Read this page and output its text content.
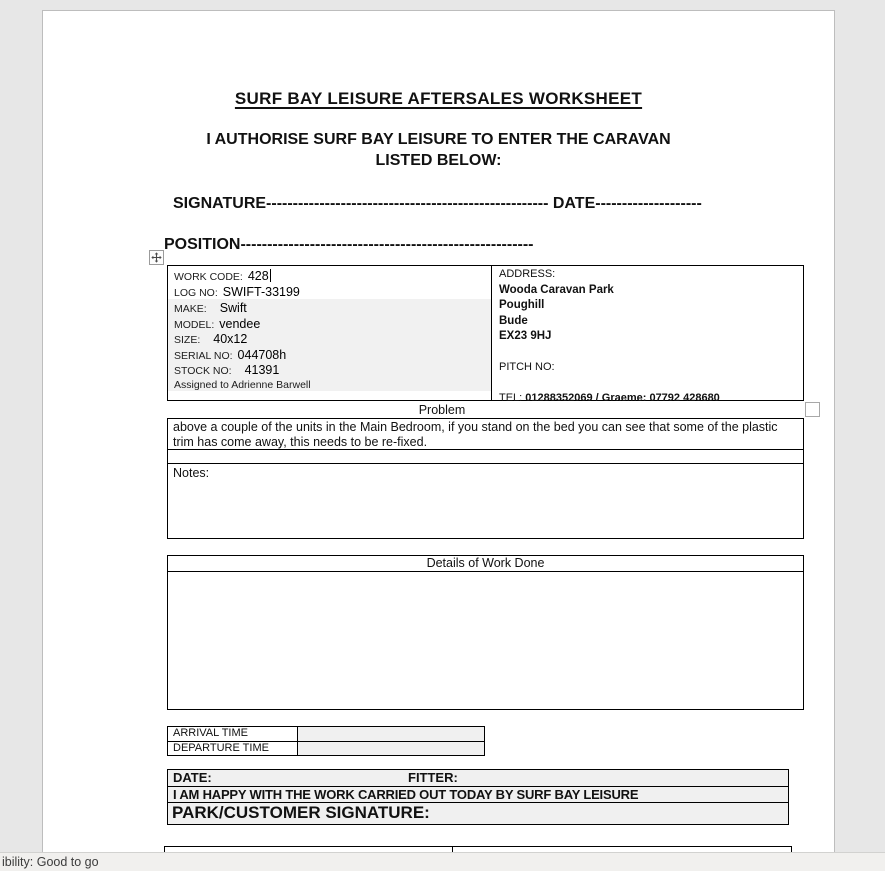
SURF BAY LEISURE AFTERSALES WORKSHEET
I AUTHORISE SURF BAY LEISURE TO ENTER THE CARAVAN
LISTED BELOW:
SIGNATURE----------------------------------------------------- DATE--------------------
POSITION-------------------------------------------------------
WORK CODE: 428
LOG NO: SWIFT-33199
MAKE: Swift
MODEL: vendee
SIZE: 40x12
SERIAL NO: 044708h
STOCK NO: 41391
Assigned to Adrienne Barwell
ADDRESS:
Wooda Caravan Park
Poughill
Bude
EX23 9HJ
PITCH NO:
TEL: 01288352069 / Graeme: 07792 428680
Problem
above a couple of the units in the Main Bedroom, if you stand on the bed you can see that some of the plastic trim has come away, this needs to be re-fixed.
Notes:
Details of Work Done
ARRIVAL TIME
DEPARTURE TIME
DATE:	FITTER:
I AM HAPPY WITH THE WORK CARRIED OUT TODAY BY SURF BAY LEISURE
PARK/CUSTOMER SIGNATURE:
ibility: Good to go
